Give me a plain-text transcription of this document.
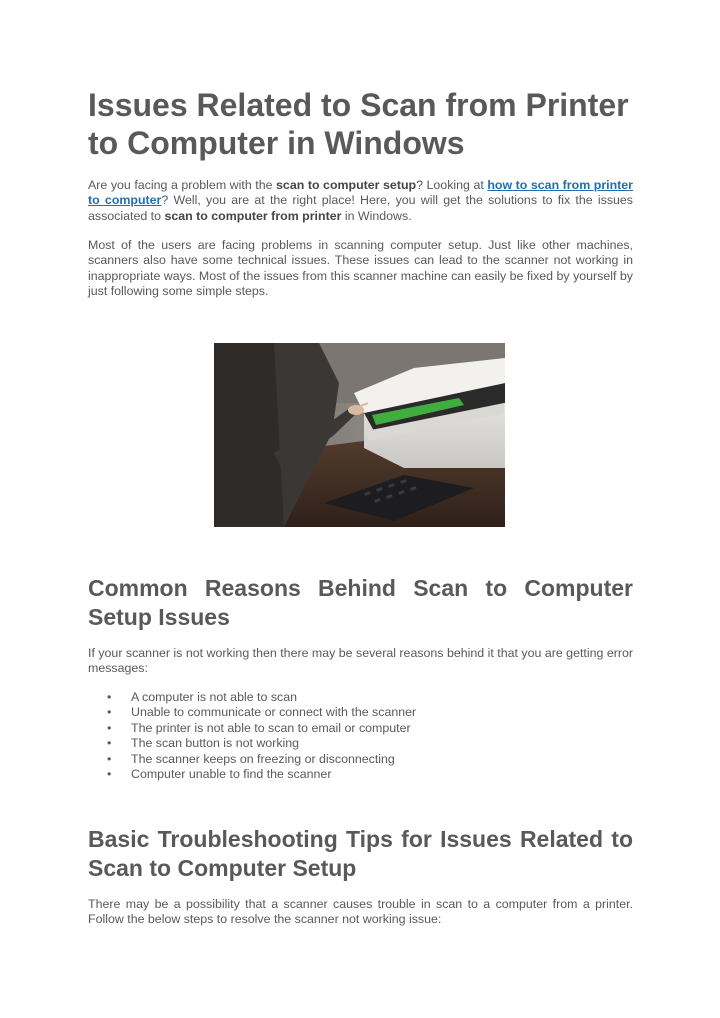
Issues Related to Scan from Printer to Computer in Windows

Are you facing a problem with the scan to computer setup? Looking at how to scan from printer to computer? Well, you are at the right place! Here, you will get the solutions to fix the issues associated to scan to computer from printer in Windows.

Most of the users are facing problems in scanning computer setup. Just like other machines, scanners also have some technical issues. These issues can lead to the scanner not working in inappropriate ways. Most of the issues from this scanner machine can easily be fixed by yourself by just following some simple steps.

Common Reasons Behind Scan to Computer Setup Issues

If your scanner is not working then there may be several reasons behind it that you are getting error messages:

• A computer is not able to scan
• Unable to communicate or connect with the scanner
• The printer is not able to scan to email or computer
• The scan button is not working
• The scanner keeps on freezing or disconnecting
• Computer unable to find the scanner
Basic Troubleshooting Tips for Issues Related to Scan to Computer Setup

There may be a possibility that a scanner causes trouble in scan to a computer from a printer. Follow the below steps to resolve the scanner not working issue:
